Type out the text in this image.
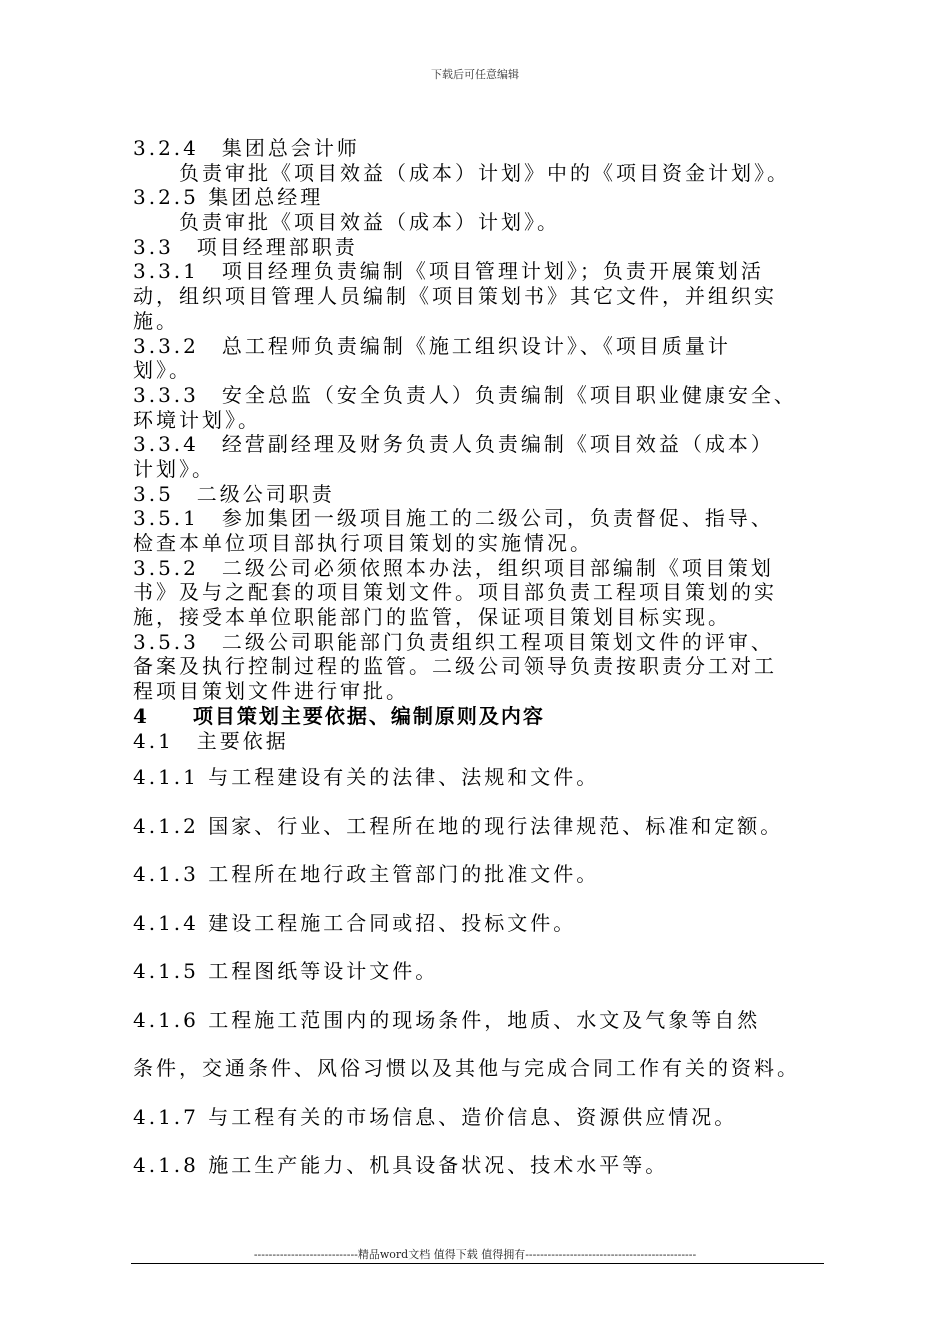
下载后可任意编辑
3.2.4　集团总会计师
负责审批《项目效益（成本）计划》中的《项目资金计划》。
3.2.5 集团总经理
负责审批《项目效益（成本）计划》。
3.3　项目经理部职责
3.3.1　项目经理负责编制《项目管理计划》；负责开展策划活
动，组织项目管理人员编制《项目策划书》其它文件，并组织实
施。
3.3.2　总工程师负责编制《施工组织设计》、《项目质量计
划》。
3.3.3　安全总监（安全负责人）负责编制《项目职业健康安全、
环境计划》。
3.3.4　经营副经理及财务负责人负责编制《项目效益（成本）
计划》。
3.5　二级公司职责
3.5.1　参加集团一级项目施工的二级公司，负责督促、指导、
检查本单位项目部执行项目策划的实施情况。
3.5.2　二级公司必须依照本办法，组织项目部编制《项目策划
书》及与之配套的项目策划文件。项目部负责工程项目策划的实
施，接受本单位职能部门的监管，保证项目策划目标实现。
3.5.3　二级公司职能部门负责组织工程项目策划文件的评审、
备案及执行控制过程的监管。二级公司领导负责按职责分工对工
程项目策划文件进行审批。
4　　项目策划主要依据、编制原则及内容
4.1　主要依据
4.1.1 与工程建设有关的法律、法规和文件。
4.1.2 国家、行业、工程所在地的现行法律规范、标准和定额。
4.1.3 工程所在地行政主管部门的批准文件。
4.1.4 建设工程施工合同或招、投标文件。
4.1.5 工程图纸等设计文件。
4.1.6 工程施工范围内的现场条件，地质、水文及气象等自然
条件，交通条件、风俗习惯以及其他与完成合同工作有关的资料。
4.1.7 与工程有关的市场信息、造价信息、资源供应情况。
4.1.8 施工生产能力、机具设备状况、技术水平等。
----------------------------精品word文档 值得下载 值得拥有----------------------------------------------
